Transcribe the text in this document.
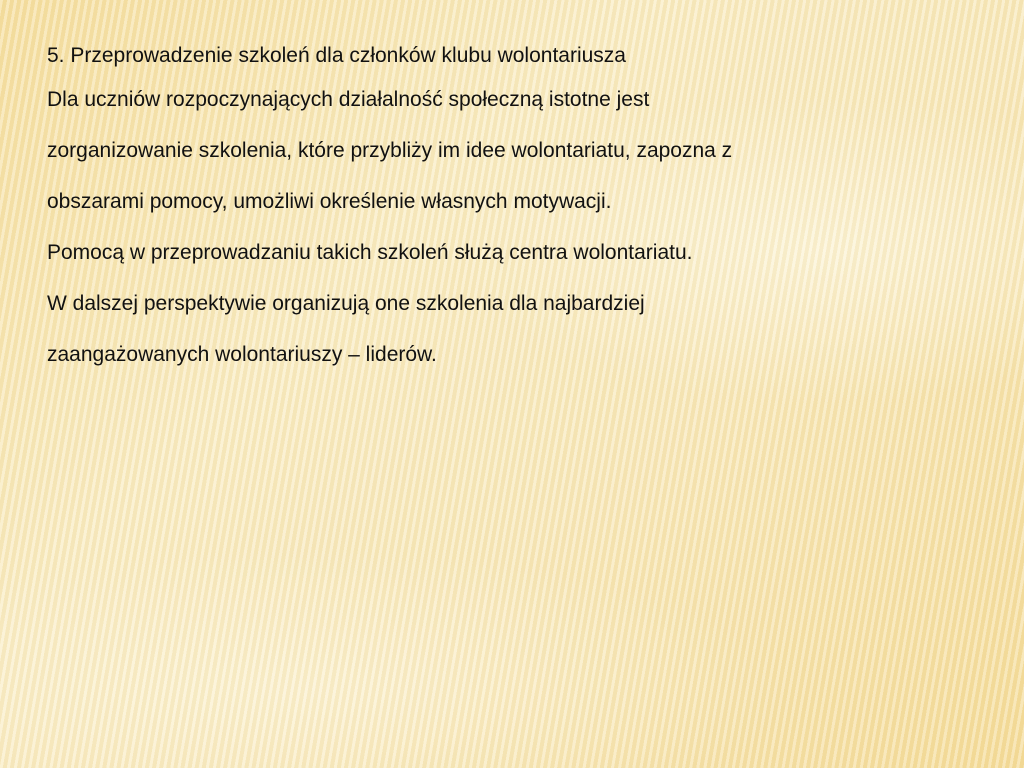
5. Przeprowadzenie szkoleń dla członków klubu wolontariusza

Dla uczniów rozpoczynających działalność społeczną istotne jest

zorganizowanie szkolenia, które przybliży im idee wolontariatu, zapozna z

obszarami pomocy, umożliwi określenie własnych motywacji.

Pomocą w przeprowadzaniu takich szkoleń służą centra wolontariatu.

W dalszej perspektywie organizują one szkolenia dla najbardziej

zaangażowanych wolontariuszy – liderów.
